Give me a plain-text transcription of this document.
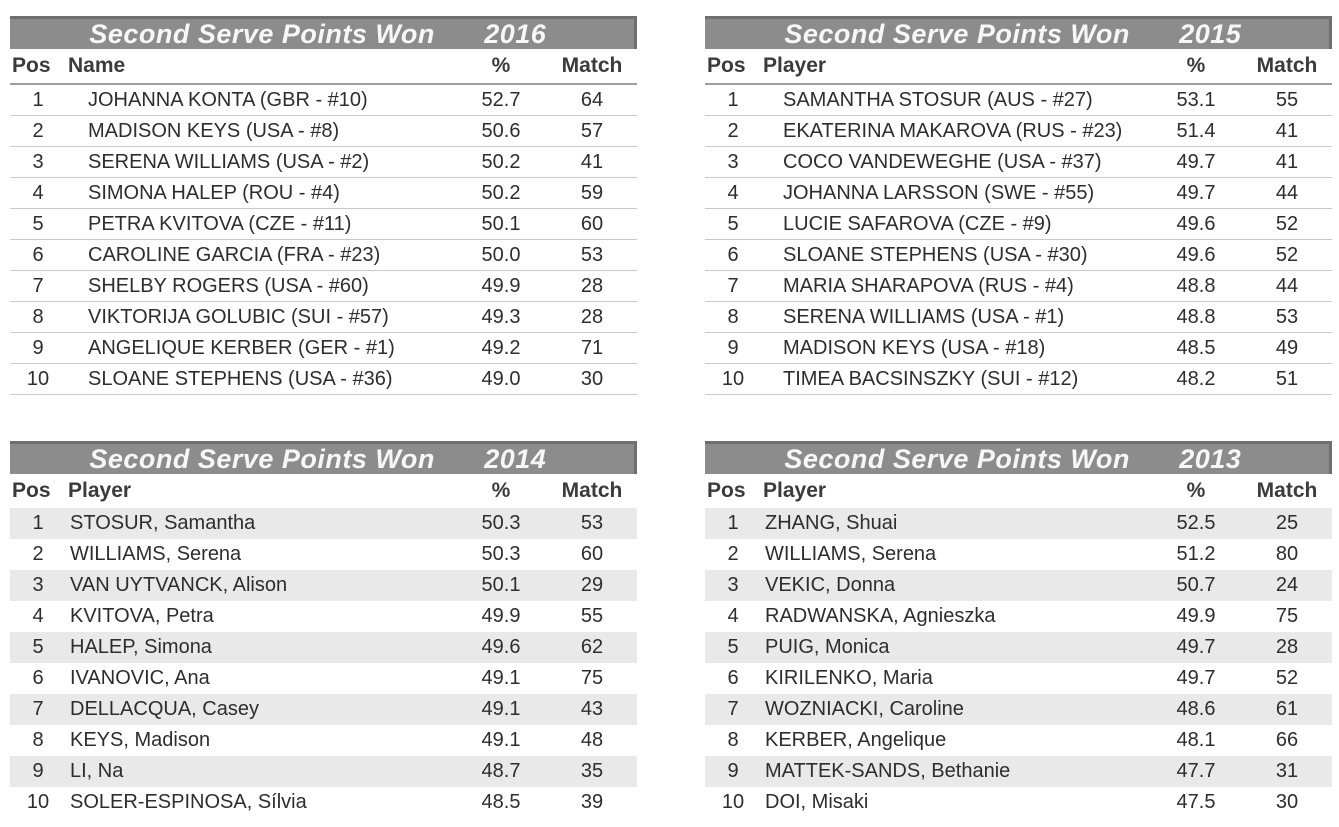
Second Serve Points Won	2016
Pos Name	%	Match
1	JOHANNA KONTA (GBR - #10)	52.7	64
2	MADISON KEYS (USA - #8)	50.6	57
3	SERENA WILLIAMS (USA - #2)	50.2	41
4	SIMONA HALEP (ROU - #4)	50.2	59
5	PETRA KVITOVA (CZE - #11)	50.1	60
6	CAROLINE GARCIA (FRA - #23)	50.0	53
7	SHELBY ROGERS (USA - #60)	49.9	28
8	VIKTORIJA GOLUBIC (SUI - #57)	49.3	28
9	ANGELIQUE KERBER (GER - #1)	49.2	71
10	SLOANE STEPHENS (USA - #36)	49.0	30
Second Serve Points Won	2015
Pos Player	%	Match
1	SAMANTHA STOSUR (AUS - #27)	53.1	55
2	EKATERINA MAKAROVA (RUS - #23)	51.4	41
3	COCO VANDEWEGHE (USA - #37)	49.7	41
4	JOHANNA LARSSON (SWE - #55)	49.7	44
5	LUCIE SAFAROVA (CZE - #9)	49.6	52
6	SLOANE STEPHENS (USA - #30)	49.6	52
7	MARIA SHARAPOVA (RUS - #4)	48.8	44
8	SERENA WILLIAMS (USA - #1)	48.8	53
9	MADISON KEYS (USA - #18)	48.5	49
10	TIMEA BACSINSZKY (SUI - #12)	48.2	51
Second Serve Points Won	2014
Pos Player	%	Match
1	STOSUR, Samantha	50.3	53
2	WILLIAMS, Serena	50.3	60
3	VAN UYTVANCK, Alison	50.1	29
4	KVITOVA, Petra	49.9	55
5	HALEP, Simona	49.6	62
6	IVANOVIC, Ana	49.1	75
7	DELLACQUA, Casey	49.1	43
8	KEYS, Madison	49.1	48
9	LI, Na	48.7	35
10	SOLER-ESPINOSA, Sílvia	48.5	39
Second Serve Points Won	2013
Pos Player	%	Match
1	ZHANG, Shuai	52.5	25
2	WILLIAMS, Serena	51.2	80
3	VEKIC, Donna	50.7	24
4	RADWANSKA, Agnieszka	49.9	75
5	PUIG, Monica	49.7	28
6	KIRILENKO, Maria	49.7	52
7	WOZNIACKI, Caroline	48.6	61
8	KERBER, Angelique	48.1	66
9	MATTEK-SANDS, Bethanie	47.7	31
10	DOI, Misaki	47.5	30
